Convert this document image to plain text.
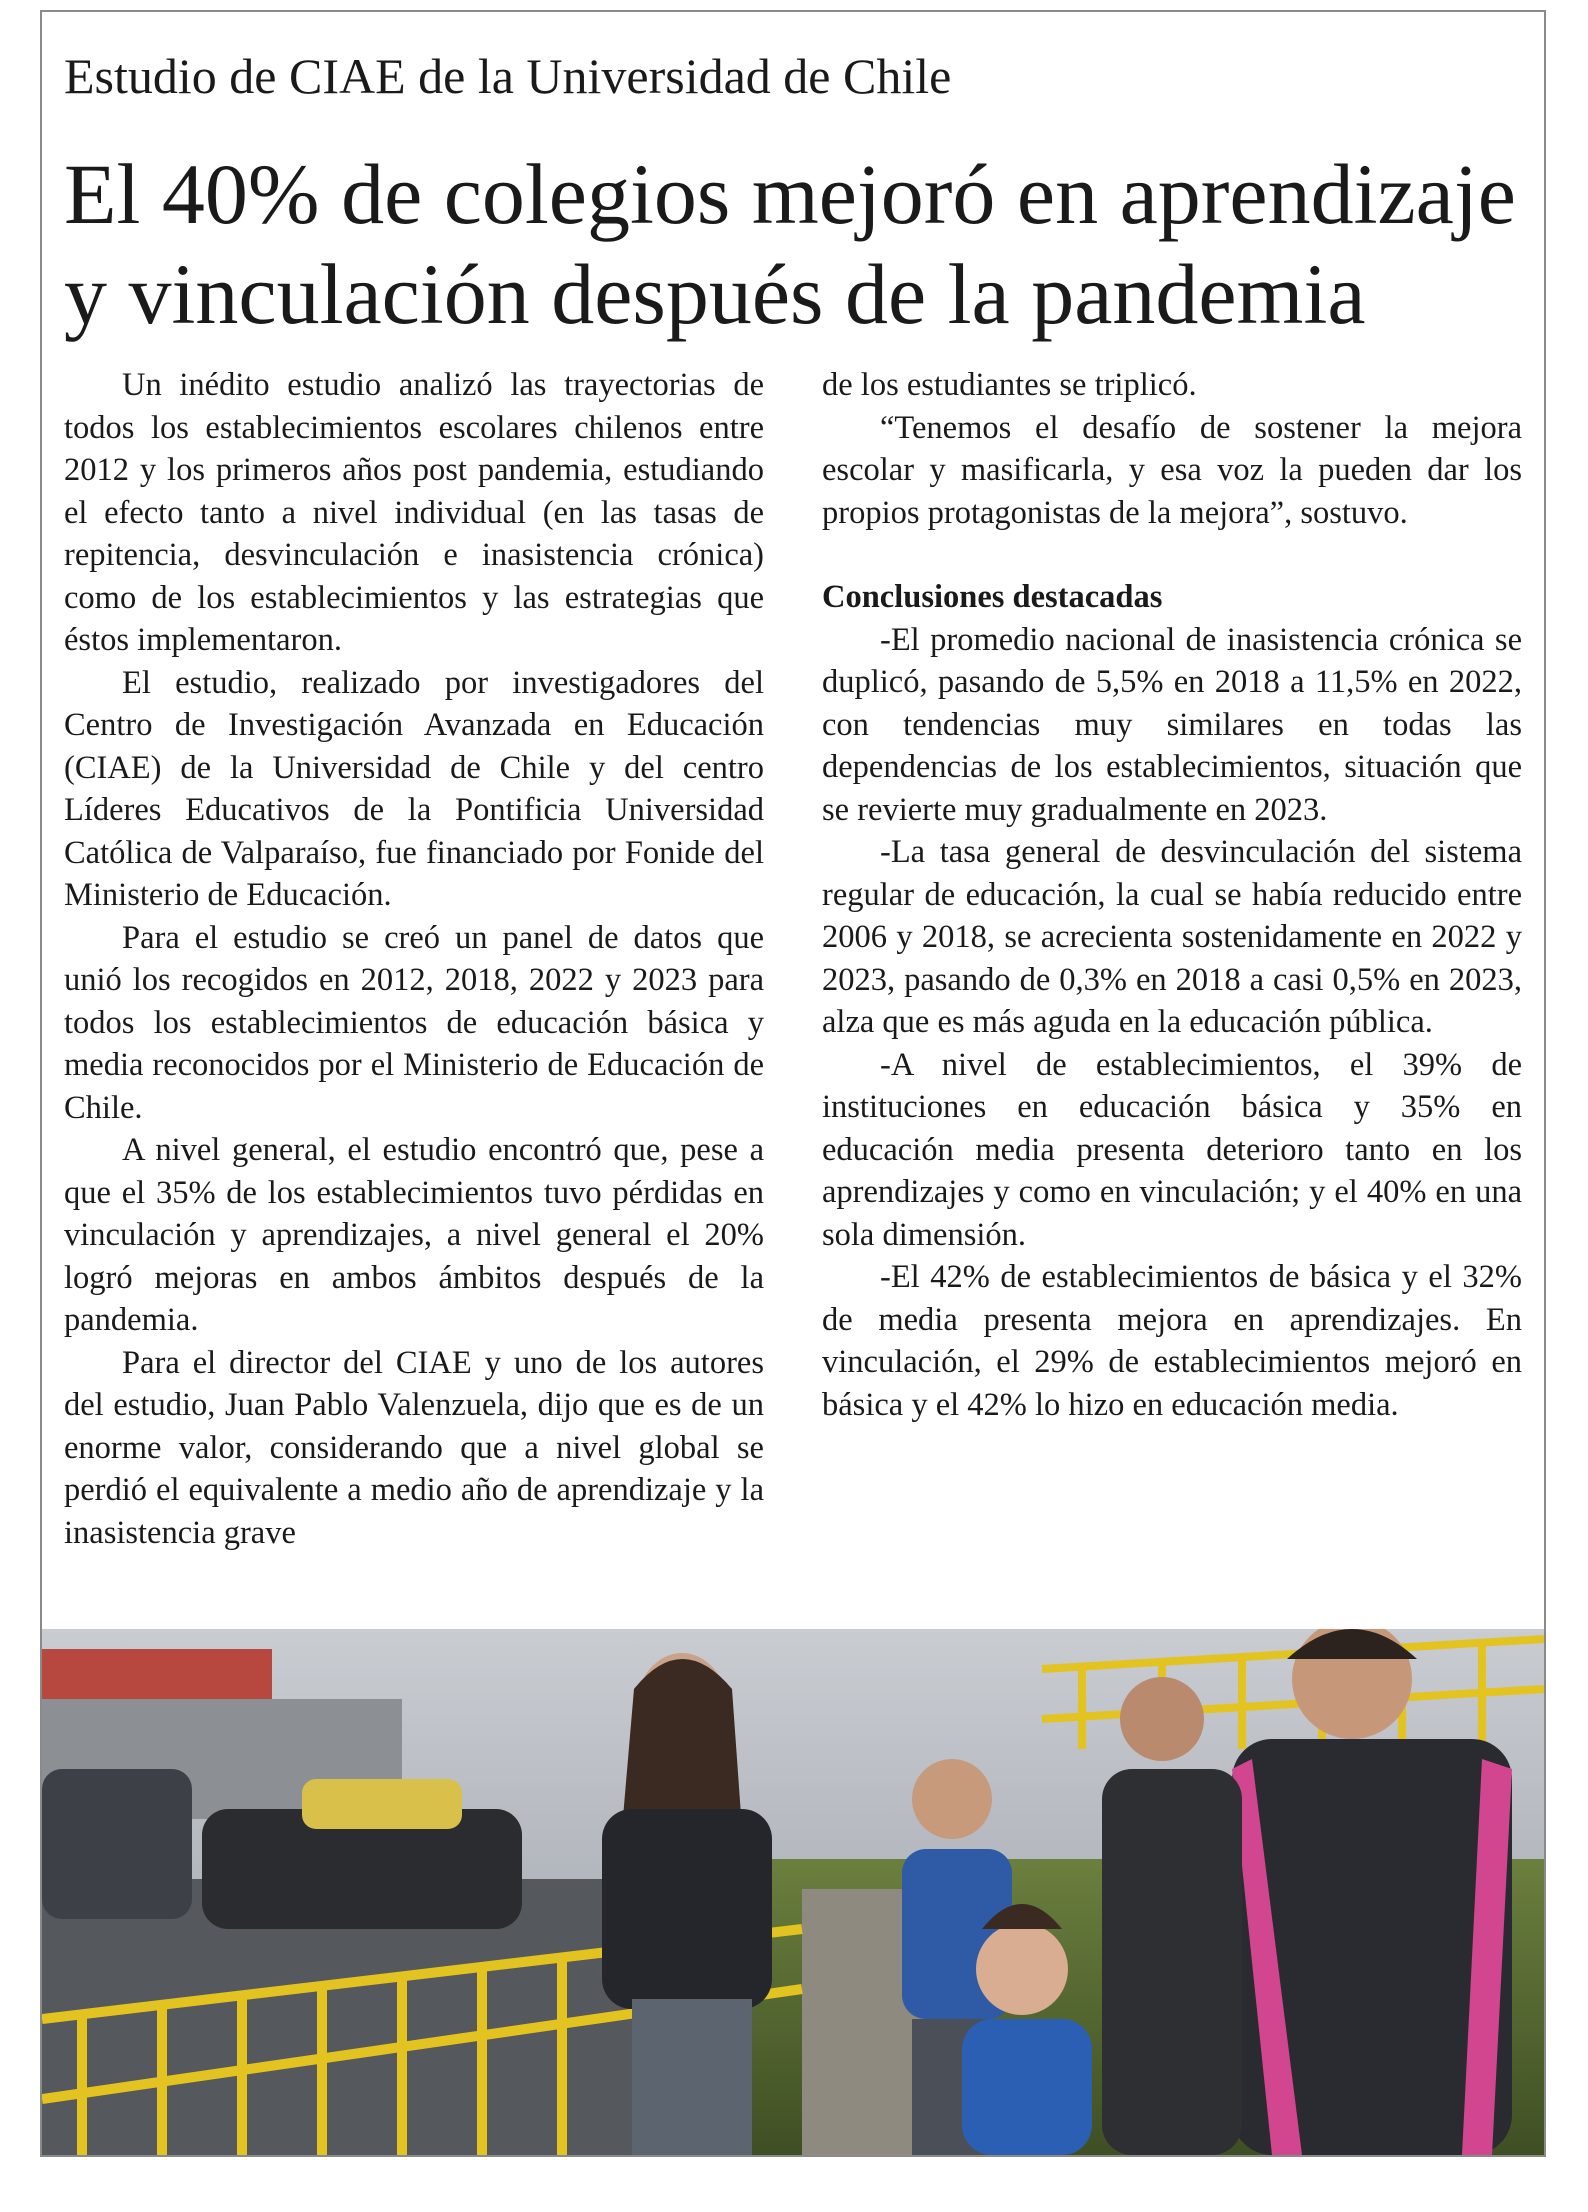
Estudio de CIAE de la Universidad de Chile
El 40% de colegios mejoró en aprendizaje
y vinculación después de la pandemia

Un inédito estudio analizó las trayectorias de todos los establecimientos escolares chilenos entre 2012 y los primeros años post pandemia, estudiando el efecto tanto a nivel individual (en las tasas de repitencia, desvinculación e inasistencia crónica) como de los establecimientos y las estrategias que éstos implementaron.

El estudio, realizado por investigadores del Centro de Investigación Avanzada en Educación (CIAE) de la Universidad de Chile y del centro Líderes Educativos de la Pontificia Universidad Católica de Valparaíso, fue financiado por Fonide del Ministerio de Educación.

Para el estudio se creó un panel de datos que unió los recogidos en 2012, 2018, 2022 y 2023 para todos los establecimientos de educación básica y media reconocidos por el Ministerio de Educación de Chile.

A nivel general, el estudio encontró que, pese a que el 35% de los establecimientos tuvo pérdidas en vinculación y aprendizajes, a nivel general el 20% logró mejoras en ambos ámbitos después de la pandemia.

Para el director del CIAE y uno de los autores del estudio, Juan Pablo Valenzuela, dijo que es de un enorme valor, considerando que a nivel global se perdió el equivalente a medio año de aprendizaje y la inasistencia grave

de los estudiantes se triplicó.

“Tenemos el desafío de sostener la mejora escolar y masificarla, y esa voz la pueden dar los propios protagonistas de la mejora”, sostuvo.

Conclusiones destacadas

-El promedio nacional de inasistencia crónica se duplicó, pasando de 5,5% en 2018 a 11,5% en 2022, con tendencias muy similares en todas las dependencias de los establecimientos, situación que se revierte muy gradualmente en 2023.

-La tasa general de desvinculación del sistema regular de educación, la cual se había reducido entre 2006 y 2018, se acrecienta sostenidamente en 2022 y 2023, pasando de 0,3% en 2018 a casi 0,5% en 2023, alza que es más aguda en la educación pública.

-A nivel de establecimientos, el 39% de instituciones en educación básica y 35% en educación media presenta deterioro tanto en los aprendizajes y como en vinculación; y el 40% en una sola dimensión.

-El 42% de establecimientos de básica y el 32% de media presenta mejora en aprendizajes. En vinculación, el 29% de establecimientos mejoró en básica y el 42% lo hizo en educación media.
